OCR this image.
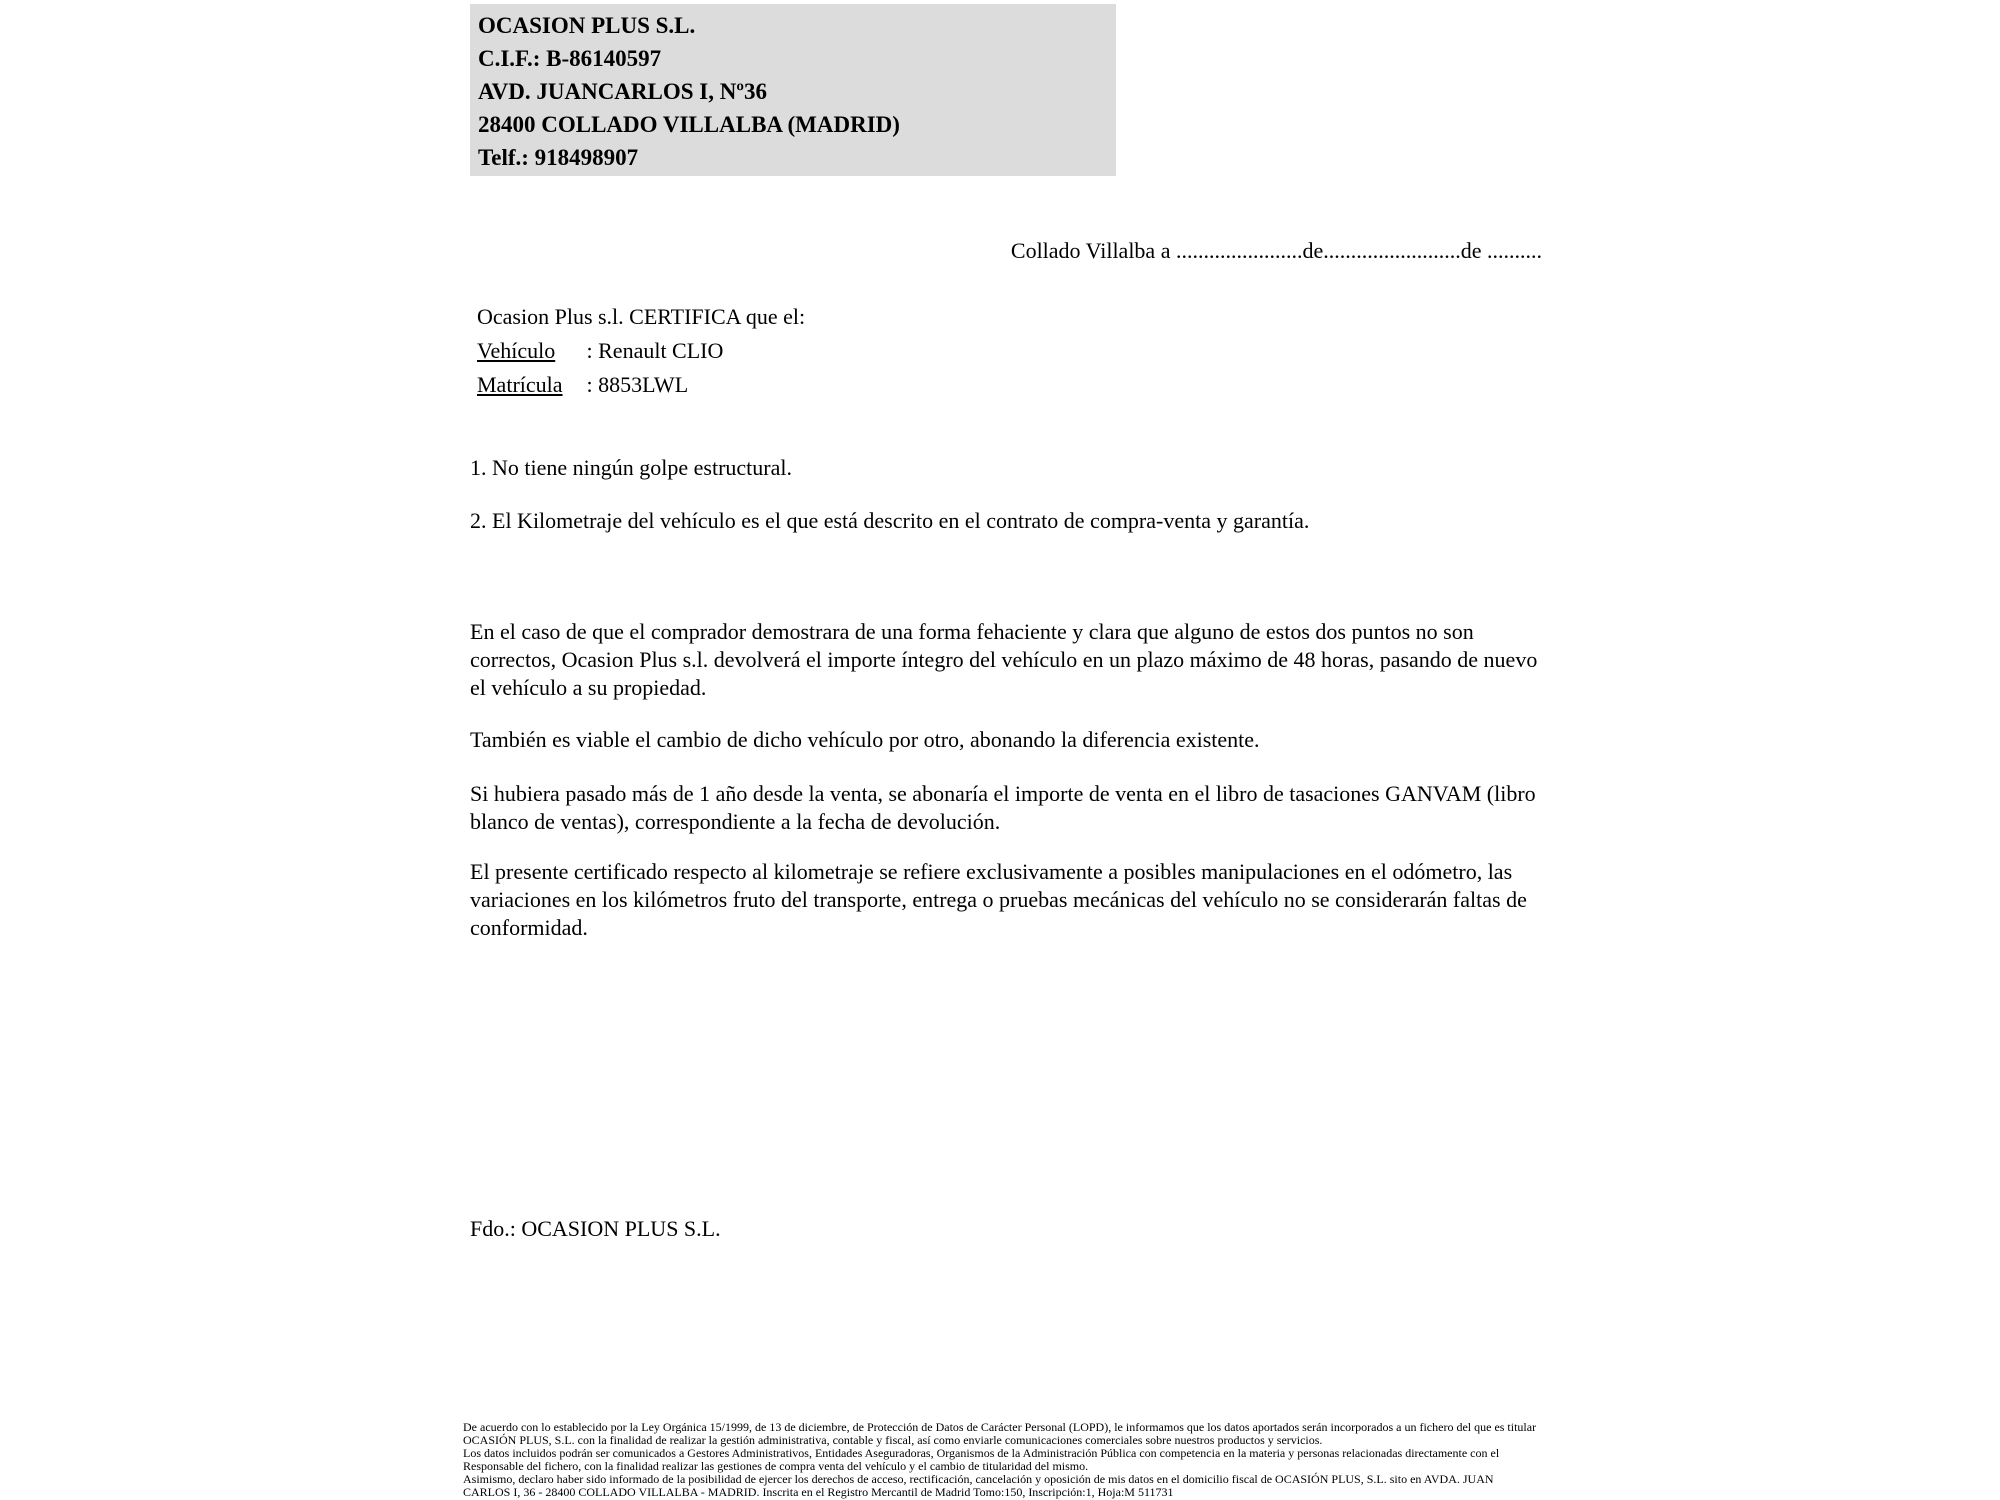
OCASION PLUS S.L.
C.I.F.: B-86140597
AVD. JUANCARLOS I, Nº36
28400 COLLADO VILLALBA (MADRID)
Telf.: 918498907
Collado Villalba a .......................de.........................de ..........
Ocasion Plus s.l. CERTIFICA que el:
Vehículo : Renault CLIO
Matrícula : 8853LWL
1. No tiene ningún golpe estructural.
2. El Kilometraje del vehículo es el que está descrito en el contrato de compra-venta y garantía.
En el caso de que el comprador demostrara de una forma fehaciente y clara que alguno de estos dos puntos no son correctos, Ocasion Plus s.l. devolverá el importe íntegro del vehículo en un plazo máximo de 48 horas, pasando de nuevo el vehículo a su propiedad.
También es viable el cambio de dicho vehículo por otro, abonando la diferencia existente.
Si hubiera pasado más de 1 año desde la venta, se abonaría el importe de venta en el libro de tasaciones GANVAM (libro blanco de ventas), correspondiente a la fecha de devolución.
El presente certificado respecto al kilometraje se refiere exclusivamente a posibles manipulaciones en el odómetro, las variaciones en los kilómetros fruto del transporte, entrega o pruebas mecánicas del vehículo no se considerarán faltas de conformidad.
Fdo.: OCASION PLUS S.L.
De acuerdo con lo establecido por la Ley Orgánica 15/1999, de 13 de diciembre, de Protección de Datos de Carácter Personal (LOPD), le informamos que los datos aportados serán incorporados a un fichero del que es titular
OCASIÓN PLUS, S.L. con la finalidad de realizar la gestión administrativa, contable y fiscal, así como enviarle comunicaciones comerciales sobre nuestros productos y servicios.
Los datos incluidos podrán ser comunicados a Gestores Administrativos, Entidades Aseguradoras, Organismos de la Administración Pública con competencia en la materia y personas relacionadas directamente con el
Responsable del fichero, con la finalidad realizar las gestiones de compra venta del vehículo y el cambio de titularidad del mismo.
Asimismo, declaro haber sido informado de la posibilidad de ejercer los derechos de acceso, rectificación, cancelación y oposición de mis datos en el domicilio fiscal de OCASIÓN PLUS, S.L. sito en AVDA. JUAN
CARLOS I, 36 - 28400 COLLADO VILLALBA - MADRID. Inscrita en el Registro Mercantil de Madrid Tomo:150, Inscripción:1, Hoja:M 511731
